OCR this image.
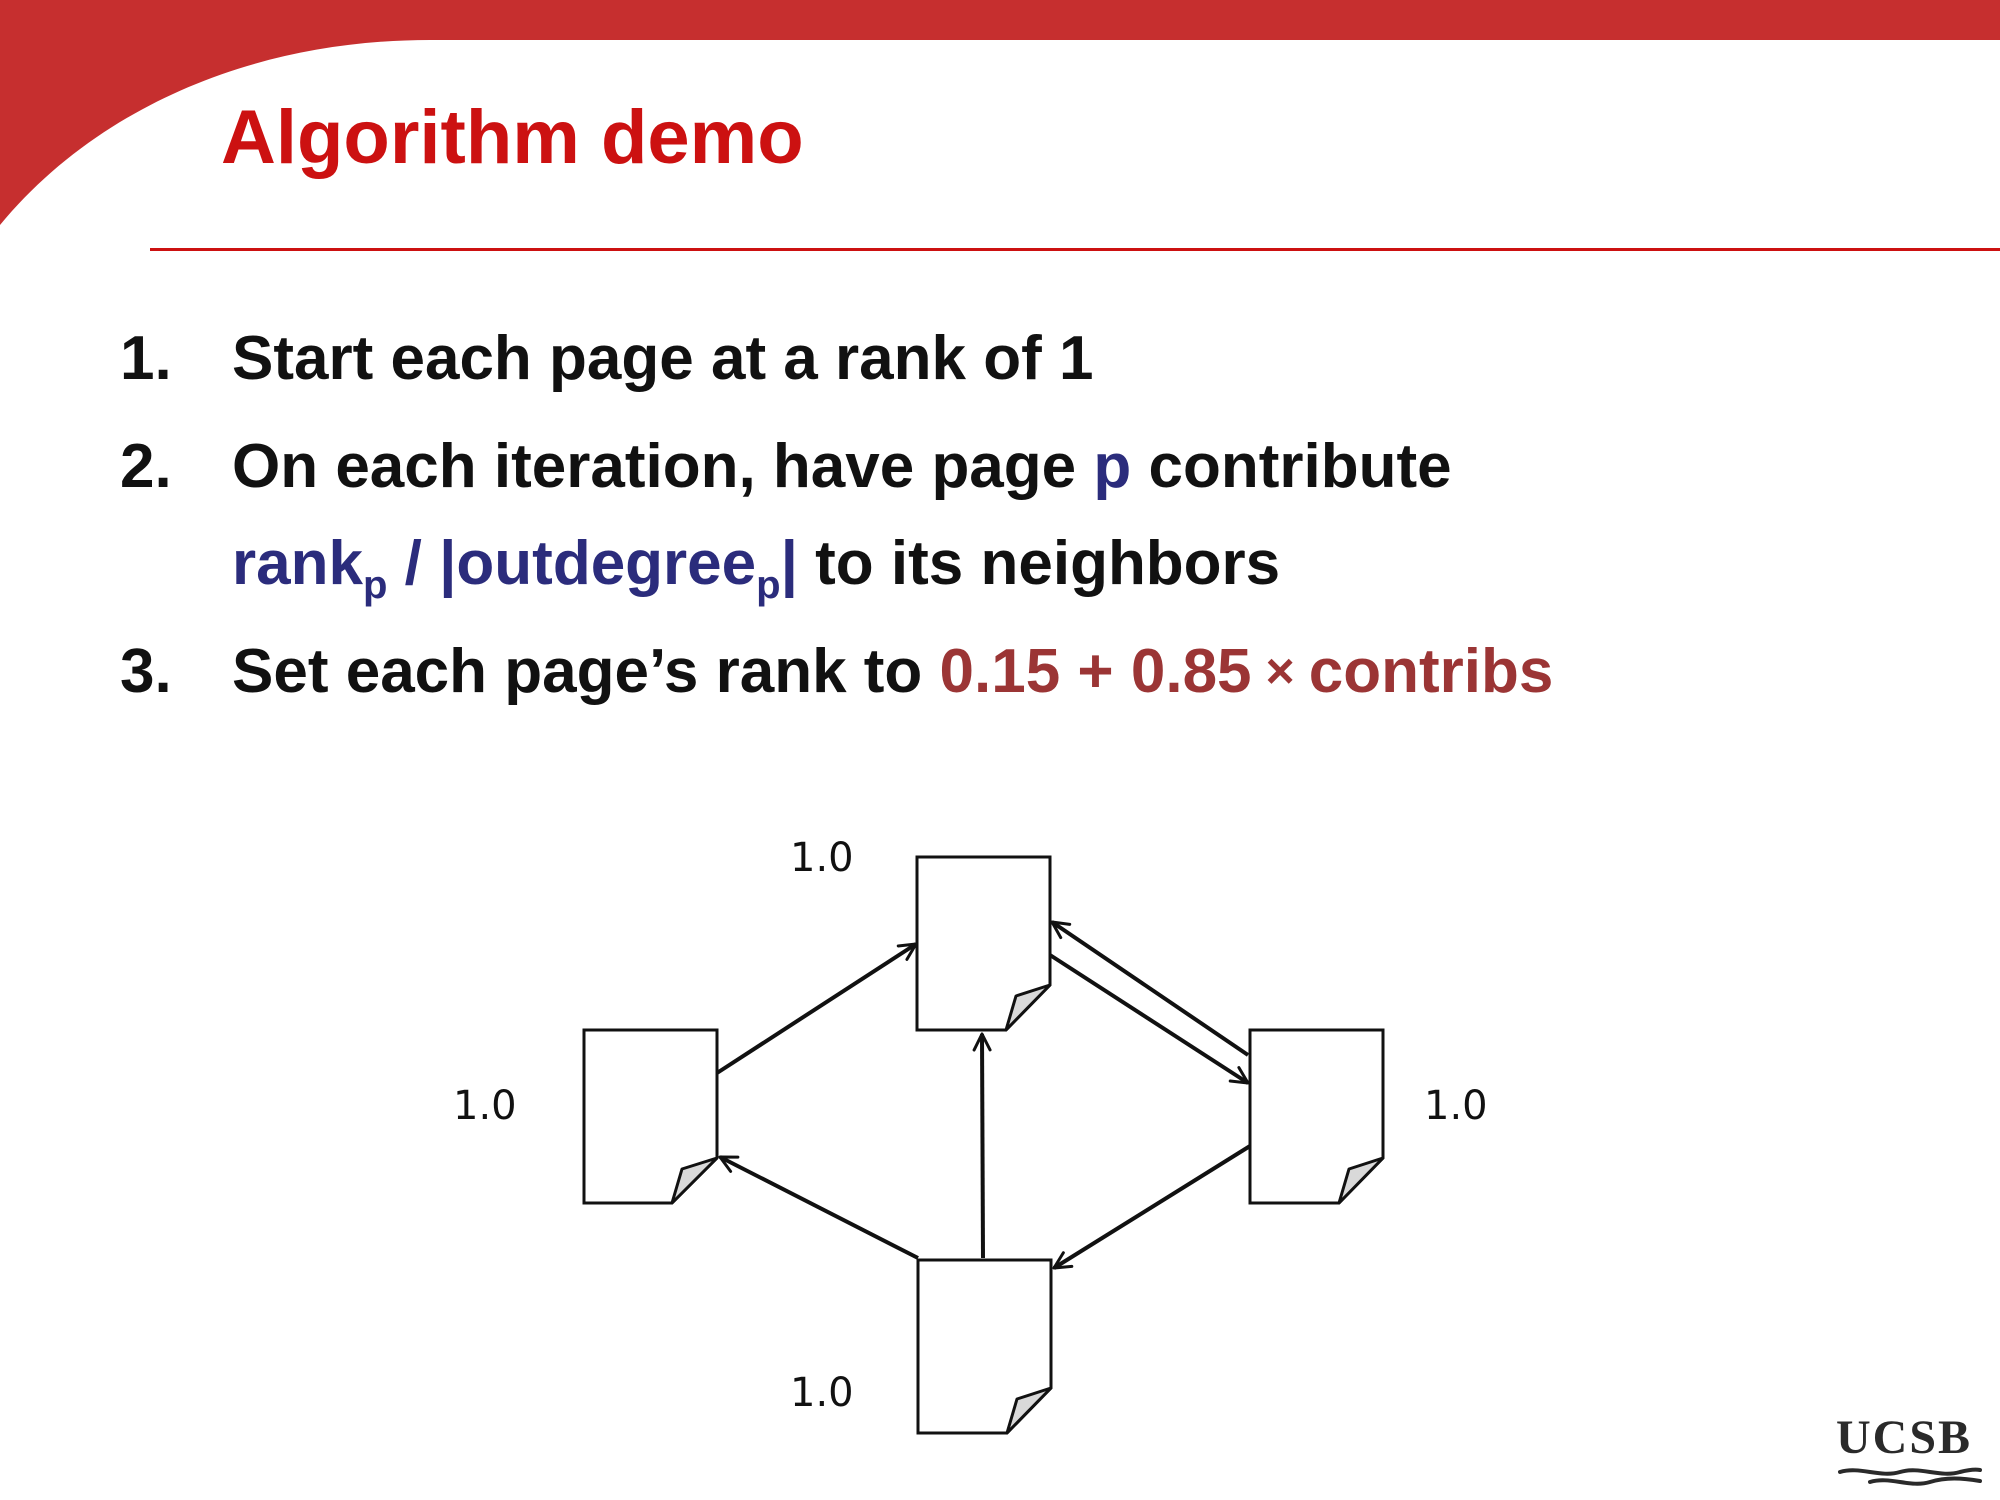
Algorithm demo
1. Start each page at a rank of 1
2. On each iteration, have page p contribute
rank$_p$ / |outdegree$_p$| to its neighbors
3. Set each page’s rank to 0.15 + 0.85 × contribs
1.0
1.0	1.0
1.0
UCSB
